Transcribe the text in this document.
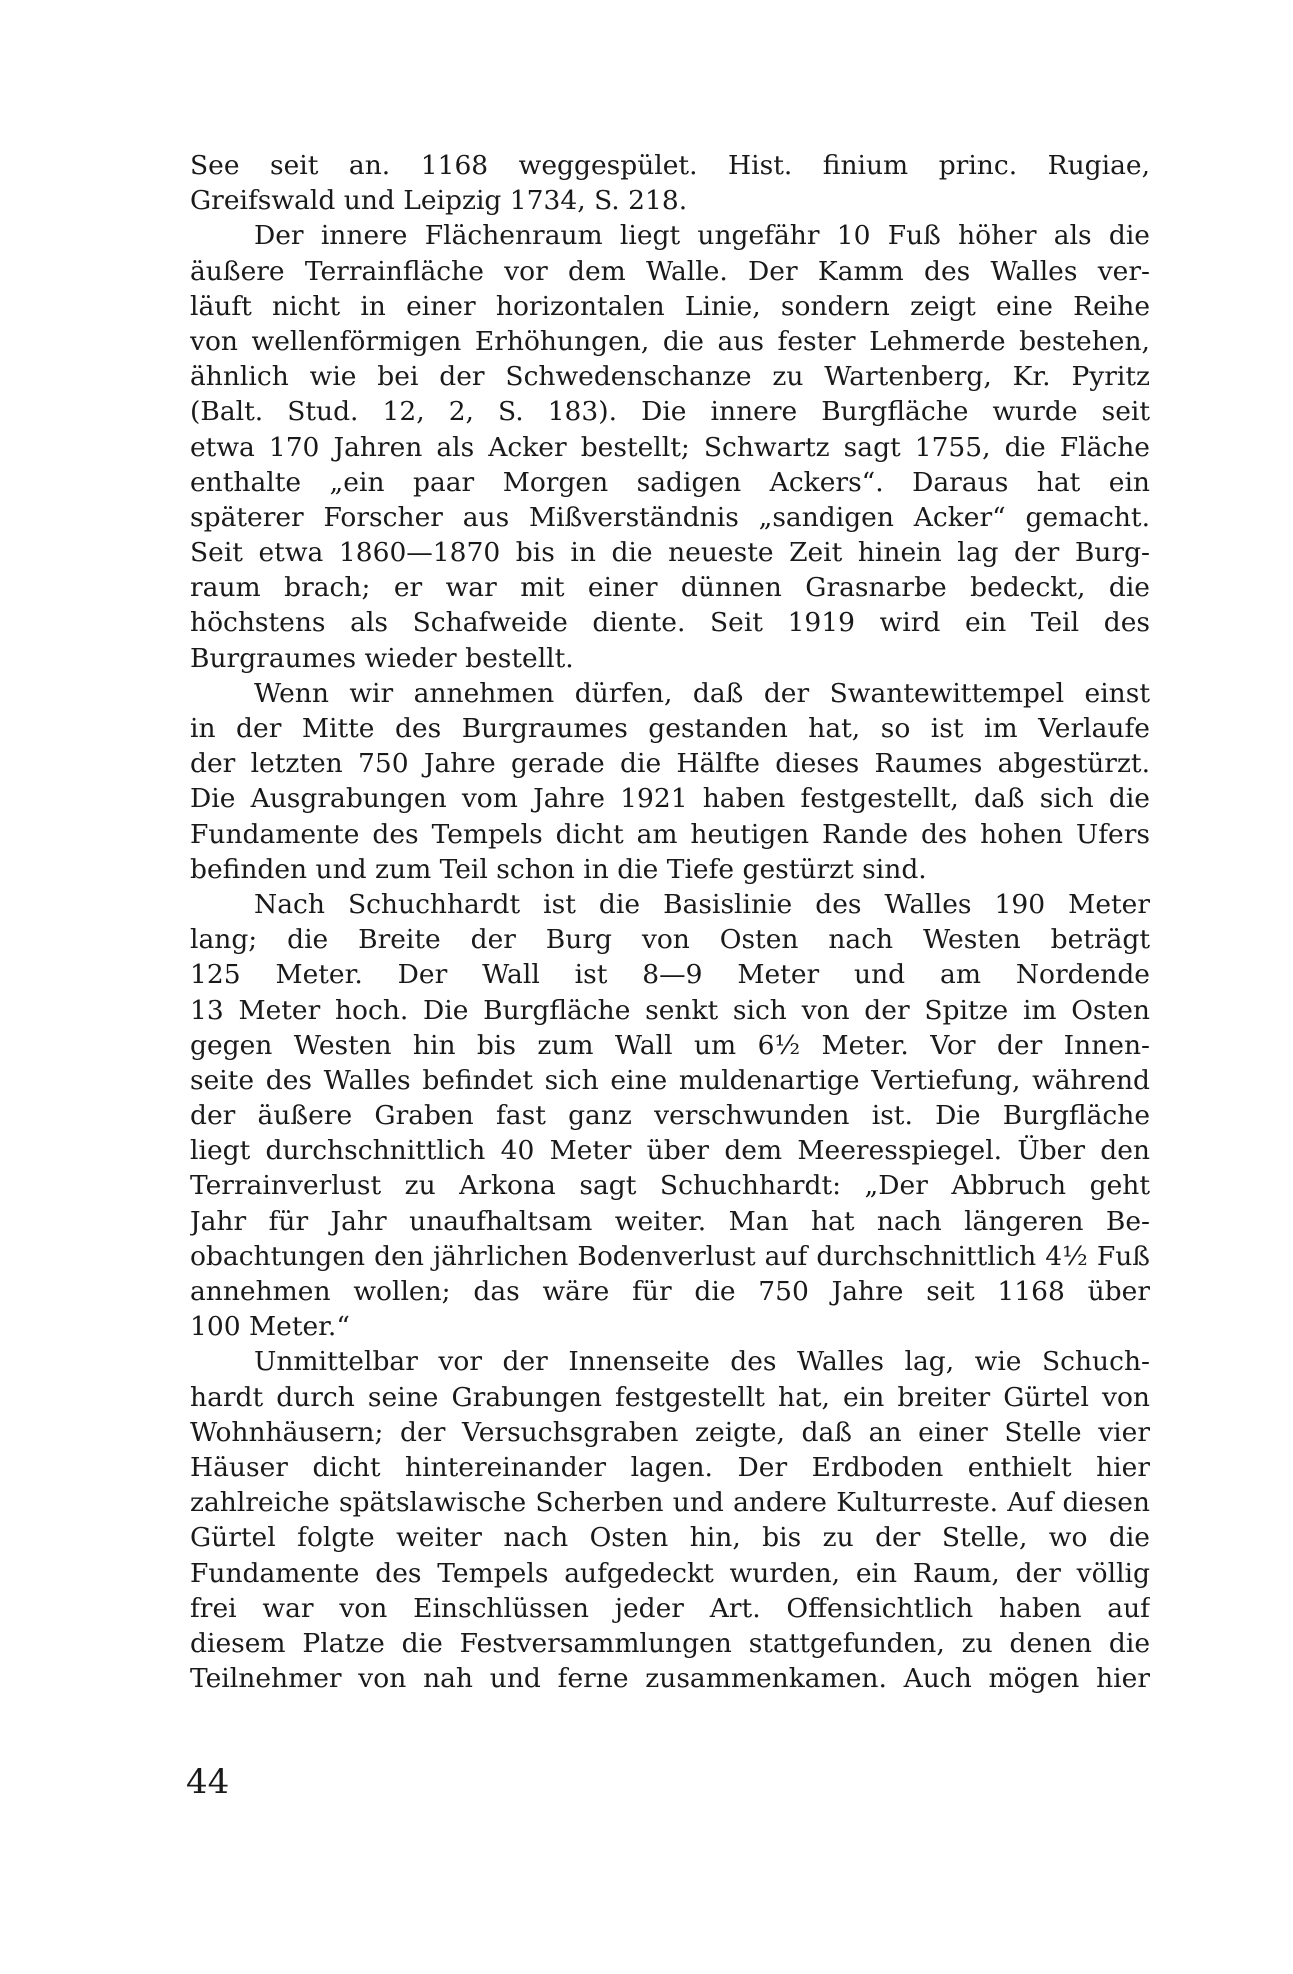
See seit an. 1168 weggespület. Hist. finium princ. Rugiae,
Greifswald und Leipzig 1734, S. 218.
Der innere Flächenraum liegt ungefähr 10 Fuß höher als die
äußere Terrainfläche vor dem Walle. Der Kamm des Walles ver-
läuft nicht in einer horizontalen Linie, sondern zeigt eine Reihe
von wellenförmigen Erhöhungen, die aus fester Lehmerde bestehen,
ähnlich wie bei der Schwedenschanze zu Wartenberg, Kr. Pyritz
(Balt. Stud. 12, 2, S. 183). Die innere Burgfläche wurde seit
etwa 170 Jahren als Acker bestellt; Schwartz sagt 1755, die Fläche
enthalte „ein paar Morgen sadigen Ackers“. Daraus hat ein
späterer Forscher aus Mißverständnis „sandigen Acker“ gemacht.
Seit etwa 1860—1870 bis in die neueste Zeit hinein lag der Burg-
raum brach; er war mit einer dünnen Grasnarbe bedeckt, die
höchstens als Schafweide diente. Seit 1919 wird ein Teil des
Burgraumes wieder bestellt.
Wenn wir annehmen dürfen, daß der Swantewittempel einst
in der Mitte des Burgraumes gestanden hat, so ist im Verlaufe
der letzten 750 Jahre gerade die Hälfte dieses Raumes abgestürzt.
Die Ausgrabungen vom Jahre 1921 haben festgestellt, daß sich die
Fundamente des Tempels dicht am heutigen Rande des hohen Ufers
befinden und zum Teil schon in die Tiefe gestürzt sind.
Nach Schuchhardt ist die Basislinie des Walles 190 Meter
lang; die Breite der Burg von Osten nach Westen beträgt
125 Meter. Der Wall ist 8—9 Meter und am Nordende
13 Meter hoch. Die Burgfläche senkt sich von der Spitze im Osten
gegen Westen hin bis zum Wall um 6½ Meter. Vor der Innen-
seite des Walles befindet sich eine muldenartige Vertiefung, während
der äußere Graben fast ganz verschwunden ist. Die Burgfläche
liegt durchschnittlich 40 Meter über dem Meeresspiegel. Über den
Terrainverlust zu Arkona sagt Schuchhardt: „Der Abbruch geht
Jahr für Jahr unaufhaltsam weiter. Man hat nach längeren Be-
obachtungen den jährlichen Bodenverlust auf durchschnittlich 4½ Fuß
annehmen wollen; das wäre für die 750 Jahre seit 1168 über
100 Meter.“
Unmittelbar vor der Innenseite des Walles lag, wie Schuch-
hardt durch seine Grabungen festgestellt hat, ein breiter Gürtel von
Wohnhäusern; der Versuchsgraben zeigte, daß an einer Stelle vier
Häuser dicht hintereinander lagen. Der Erdboden enthielt hier
zahlreiche spätslawische Scherben und andere Kulturreste. Auf diesen
Gürtel folgte weiter nach Osten hin, bis zu der Stelle, wo die
Fundamente des Tempels aufgedeckt wurden, ein Raum, der völlig
frei war von Einschlüssen jeder Art. Offensichtlich haben auf
diesem Platze die Festversammlungen stattgefunden, zu denen die
Teilnehmer von nah und ferne zusammenkamen. Auch mögen hier
44
